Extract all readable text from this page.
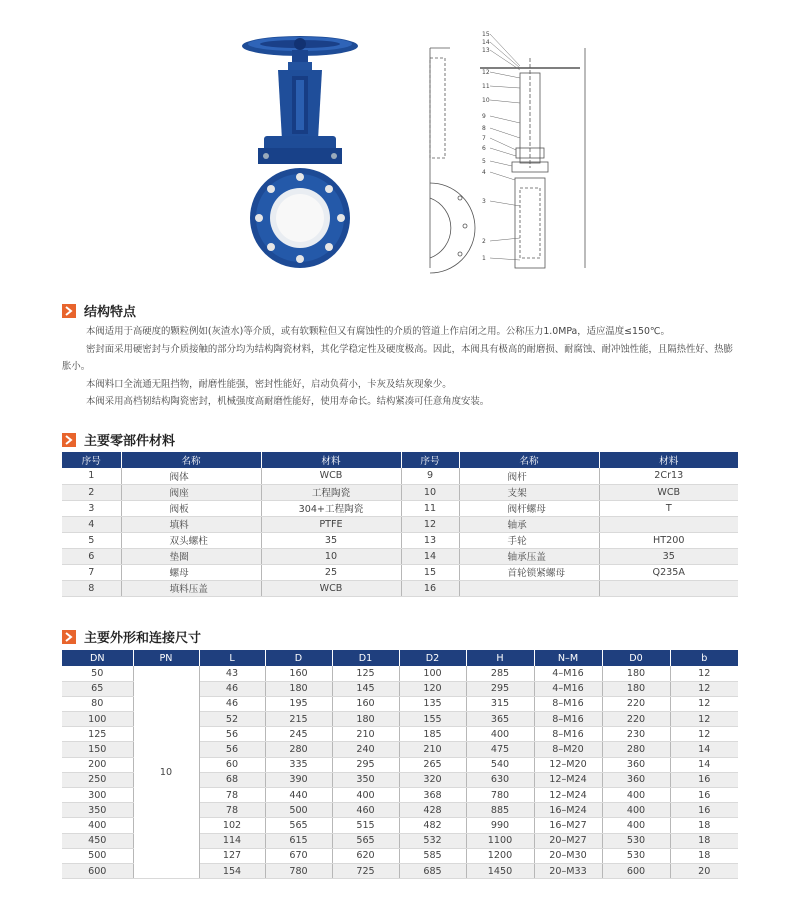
15
14
13
12
11
10
9
8
7
6
5
4
3
2
1
结构特点

本阀适用于高硬度的颗粒例如(灰渣水)等介质，或有软颗粒但又有腐蚀性的介质的管道上作启闭之用。公称压力1.0MPa，适应温度≤150℃。

密封面采用硬密封与介质接触的部分均为结构陶瓷材料，其化学稳定性及硬度极高。因此，本阀具有极高的耐磨损、耐腐蚀、耐冲蚀性能，且隔热性好、热膨胀小。

本阀料口全流通无阻挡物，耐磨性能强，密封性能好，启动负荷小，卡灰及结灰现象少。

本阀采用高档韧结构陶瓷密封，机械强度高耐磨性能好，使用寿命长。结构紧凑可任意角度安装。

主要零部件材料
序号	名称	材料	序号	名称	材料
1	阀体	WCB	9	阀杆	2Cr13
2	阀座	工程陶瓷	10	支架	WCB
3	阀板	304+工程陶瓷	11	阀杆螺母	T
4	填料	PTFE	12	轴承	
5	双头螺柱	35	13	手轮	HT200
6	垫圈	10	14	轴承压盖	35
7	螺母	25	15	首轮锁紧螺母	Q235A
8	填料压盖	WCB	16		
主要外形和连接尺寸
DN	PN	L	D	D1	D2	H	N–M	D0	b
50	10	43	160	125	100	285	4–M16	180	12
65		46	180	145	120	295	4–M16	180	12
80		46	195	160	135	315	8–M16	220	12
100		52	215	180	155	365	8–M16	220	12
125		56	245	210	185	400	8–M16	230	12
150		56	280	240	210	475	8–M20	280	14
200		60	335	295	265	540	12–M20	360	14
250		68	390	350	320	630	12–M24	360	16
300		78	440	400	368	780	12–M24	400	16
350		78	500	460	428	885	16–M24	400	16
400		102	565	515	482	990	16–M27	400	18
450		114	615	565	532	1100	20–M27	530	18
500		127	670	620	585	1200	20–M30	530	18
600		154	780	725	685	1450	20–M33	600	20
